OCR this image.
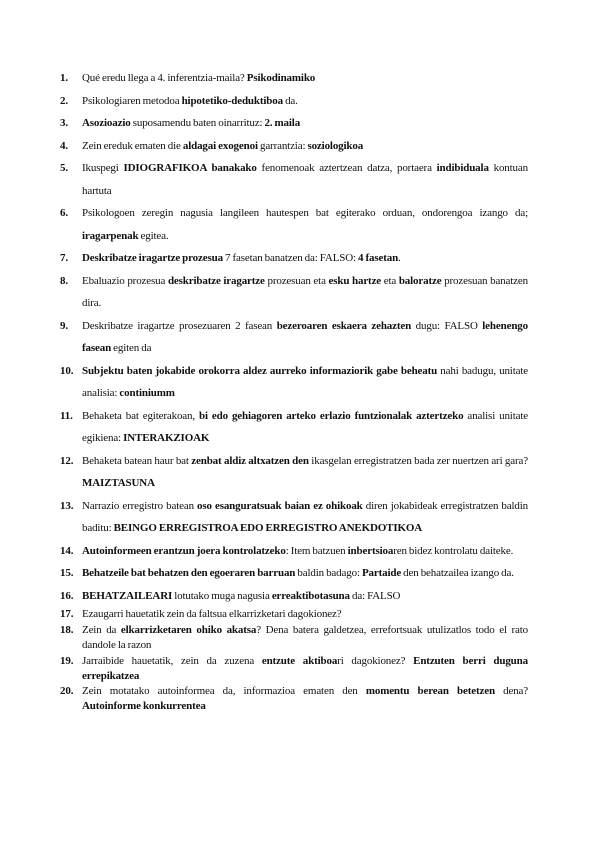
1.	Qué eredu llega a 4. inferentzia-maila? Psikodinamiko
2.	Psikologiaren metodoa hipotetiko-deduktiboa da.
3.	Asozioazio suposamendu baten oinarrituz: 2. maila
4.	Zein ereduk ematen die aldagai exogenoi garrantzia: soziologikoa
5.	Ikuspegi IDIOGRAFIKOA banakako fenomenoak aztertzean datza, portaera indibiduala kontuan hartuta
6.	Psikologoen zeregin nagusia langileen hautespen bat egiterako orduan, ondorengoa izango da; iragarpenak egitea.
7.	Deskribatze iragartze prozesua 7 fasetan banatzen da: FALSO: 4 fasetan.
8.	Ebaluazio prozesua deskribatze iragartze prozesuan eta esku hartze eta baloratze prozesuan banatzen dira.
9.	Deskribatze iragartze prosezuaren 2 fasean bezeroaren eskaera zehazten dugu: FALSO lehenengo fasean egiten da
10. Subjektu baten jokabide orokorra aldez aurreko informaziorik gabe beheatu nahi badugu, unitate analisia: continiumm
11. Behaketa bat egiterakoan, bi edo gehiagoren arteko erlazio funtzionalak aztertzeko analisi unitate egikiena: INTERAKZIOAK
12. Behaketa batean haur bat zenbat aldiz altxatzen den ikasgelan erregistratzen bada zer nuertzen ari gara? MAIZTASUNA
13. Narrazio erregistro batean oso esanguratsuak baian ez ohikoak diren jokabideak erregistratzen baldin baditu: BEINGO ERREGISTROA EDO ERREGISTRO ANEKDOTIKOA
14. Autoinformeen erantzun joera kontrolatzeko: Item batzuen inbertsioaren bidez kontrolatu daiteke.
15. Behatzeile bat behatzen den egoeraren barruan baldin badago: Partaide den behatzailea izango da.
16. BEHATZAILEARI lotutako muga nagusia erreaktibotasuna da: FALSO
17. Ezaugarri hauetatik zein da faltsua elkarrizketari dagokionez?
18. Zein da elkarrizketaren ohiko akatsa? Dena batera galdetzea, errefortsuak utulizatlos todo el rato dandole la razon
19. Jarraibide hauetatik, zein da zuzena entzute aktiboari dagokionez? Entzuten berri duguna errepikatzea
20. Zein motatako autoinformea da, informazioa ematen den momentu berean betetzen dena? Autoinforme konkurrentea
